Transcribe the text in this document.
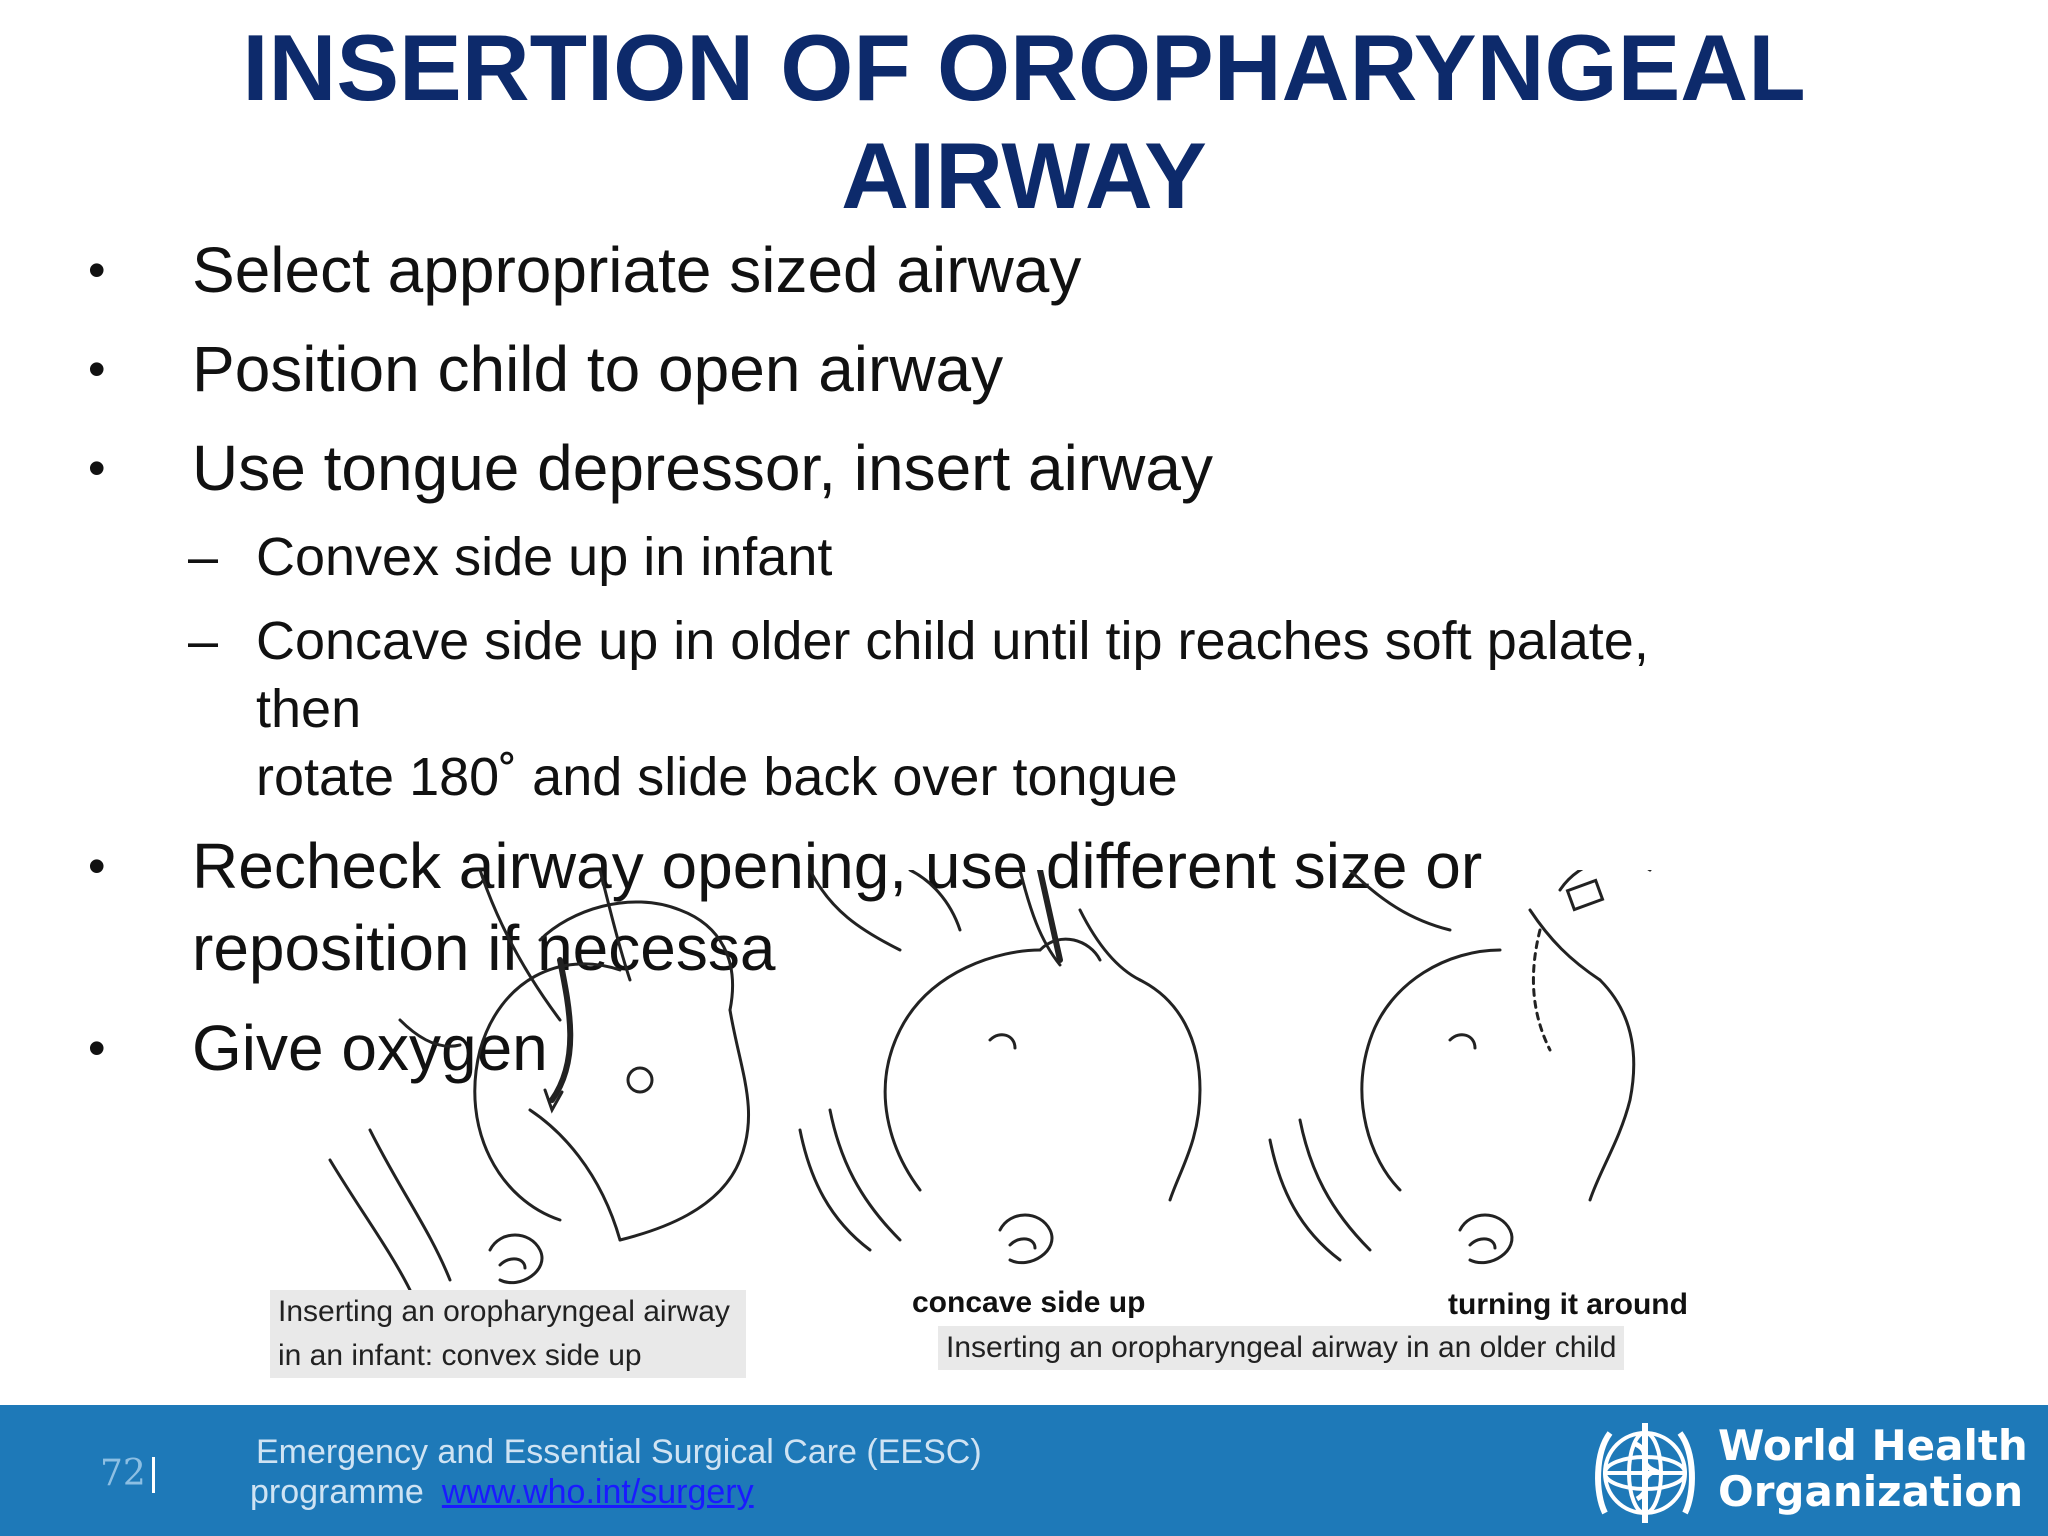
INSERTION OF OROPHARYNGEAL
AIRWAY
• Select appropriate sized airway
• Position child to open airway
• Use tongue depressor, insert airway
– Convex side up in infant
– Concave side up in older child until tip reaches soft palate,
then
rotate 180˚ and slide back over tongue
• Recheck airway opening, use different size or
reposition if necessa
• Give oxygen
Inserting an oropharyngeal airway
in an infant: convex side up
concave side up	turning it around
Inserting an oropharyngeal airway in an older child
72
Emergency and Essential Surgical Care (EESC)
programme www.who.int/surgery
World Health
Organization
